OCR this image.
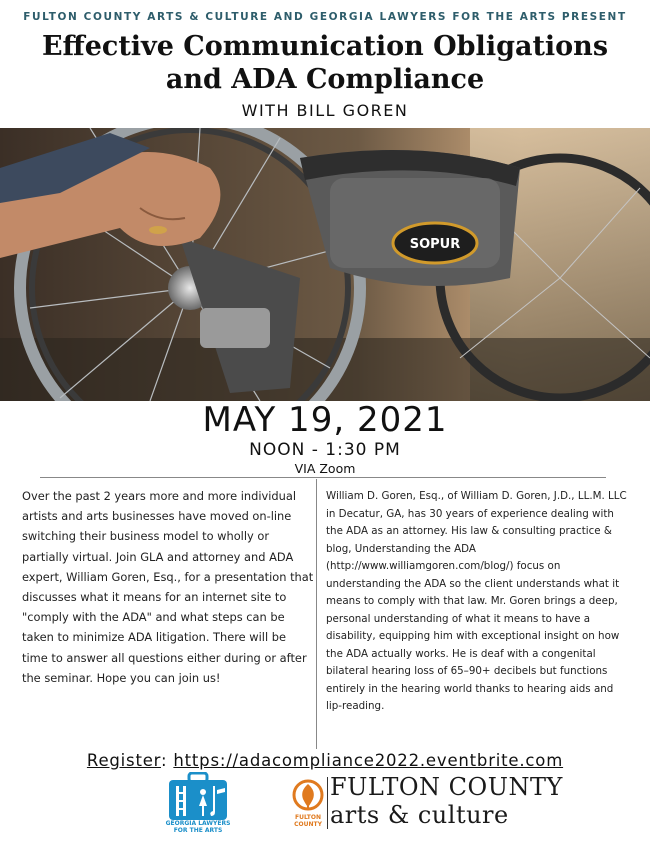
FULTON COUNTY ARTS & CULTURE AND GEORGIA LAWYERS FOR THE ARTS PRESENT
Effective Communication Obligations
and ADA Compliance
WITH BILL GOREN
SOPUR
MAY 19, 2021
NOON - 1:30 PM
VIA Zoom
Over the past 2 years more and more individual artists and arts businesses have moved on-line switching their business model to wholly or partially virtual. Join GLA and attorney and ADA expert, William Goren, Esq., for a presentation that discusses what it means for an internet site to "comply with the ADA" and what steps can be taken to minimize ADA litigation. There will be time to answer all questions either during or after the seminar. Hope you can join us!
William D. Goren, Esq., of William D. Goren, J.D., LL.M. LLC in Decatur, GA, has 30 years of experience dealing with the ADA as an attorney. His law & consulting practice & blog, Understanding the ADA (http://www.williamgoren.com/blog/) focus on understanding the ADA so the client understands what it means to comply with that law. Mr. Goren brings a deep, personal understanding of what it means to have a disability, equipping him with exceptional insight on how the ADA actually works. He is deaf with a congenital bilateral hearing loss of 65–90+ decibels but functions entirely in the hearing world thanks to hearing aids and lip-reading.
Register: https://adacompliance2022.eventbrite.com
GEORGIA LAWYERS
FOR THE ARTS
FULTON
COUNTY
FULTON COUNTY
arts & culture
